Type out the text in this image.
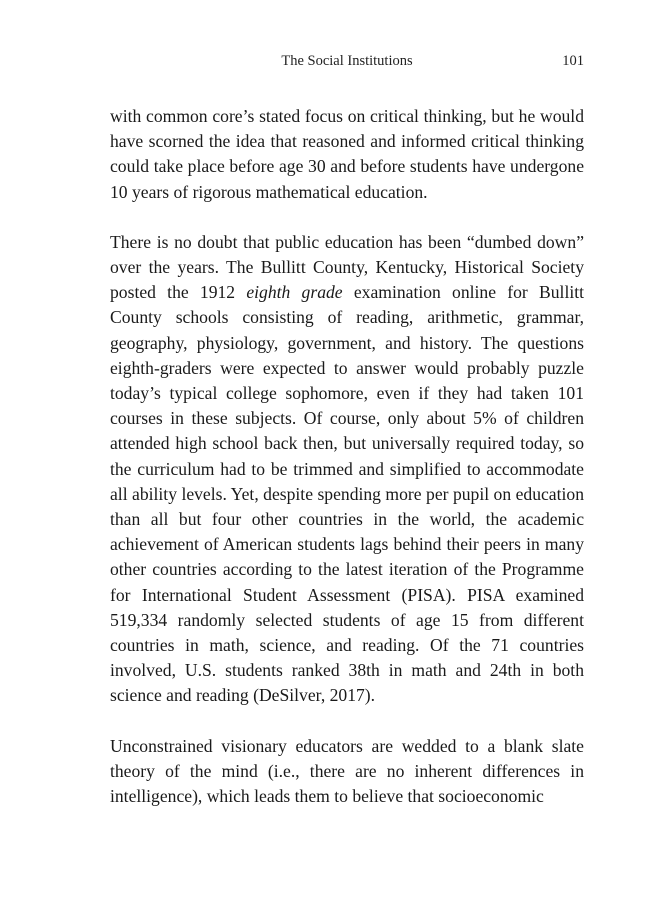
The Social Institutions	101

with common core’s stated focus on critical thinking, but he would have scorned the idea that reasoned and informed critical thinking could take place before age 30 and before students have undergone 10 years of rigorous mathematical education.

There is no doubt that public education has been “dumbed down” over the years. The Bullitt County, Kentucky, Historical Society posted the 1912 eighth grade examination online for Bullitt County schools consisting of reading, arithmetic, grammar, geography, physiology, government, and history. The questions eighth-graders were expected to answer would probably puzzle today’s typical college sophomore, even if they had taken 101 courses in these subjects. Of course, only about 5% of children attended high school back then, but universally required today, so the curriculum had to be trimmed and simplified to accommodate all ability levels. Yet, despite spending more per pupil on education than all but four other countries in the world, the academic achievement of American students lags behind their peers in many other countries according to the latest iteration of the Programme for International Student Assessment (PISA). PISA examined 519,334 randomly selected students of age 15 from different countries in math, science, and reading. Of the 71 countries involved, U.S. students ranked 38th in math and 24th in both science and reading (DeSilver, 2017).

Unconstrained visionary educators are wedded to a blank slate theory of the mind (i.e., there are no inherent differences in intelligence), which leads them to believe that socioeconomic
